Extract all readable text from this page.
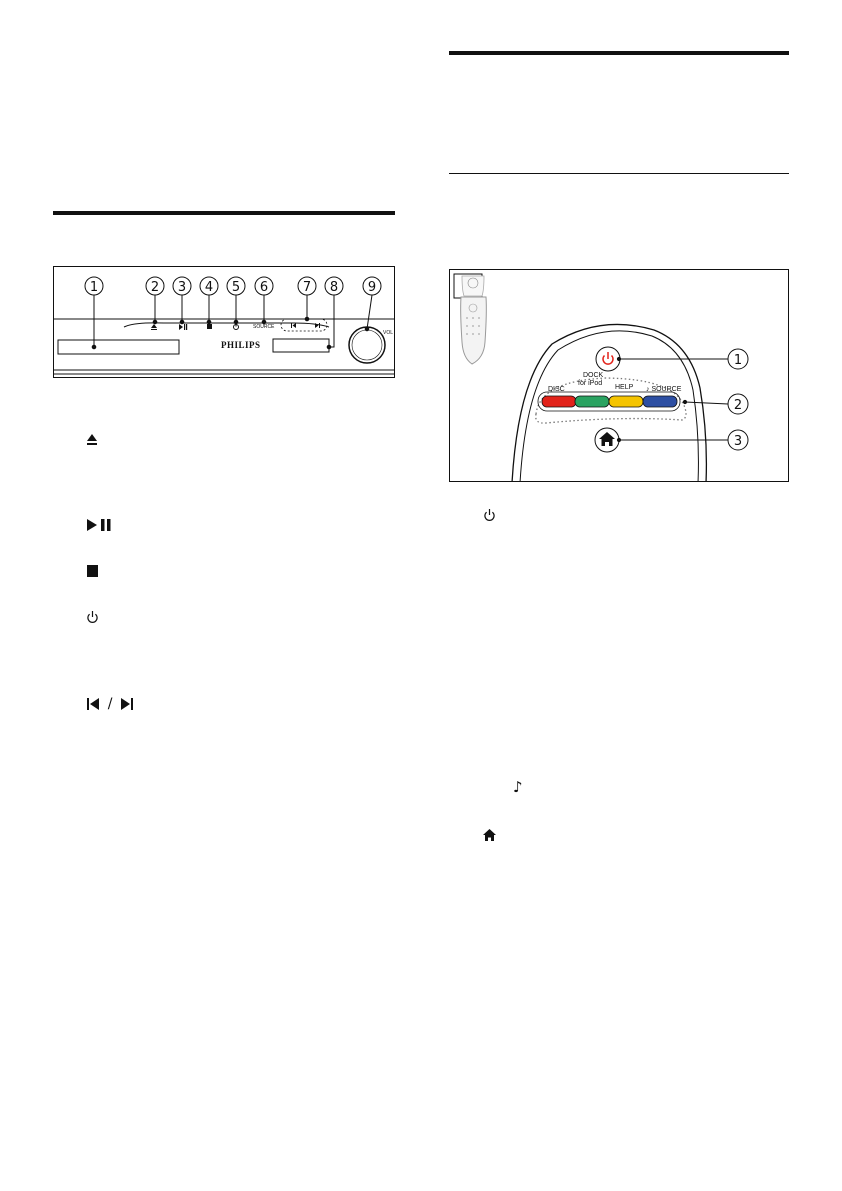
1	2 3 4 5 6	7 8 9
SOURCE
PHILIPS
VOL
/
1
2
3
DISC
DOCK
for iPod
HELP ♪ SOURCE
♪
